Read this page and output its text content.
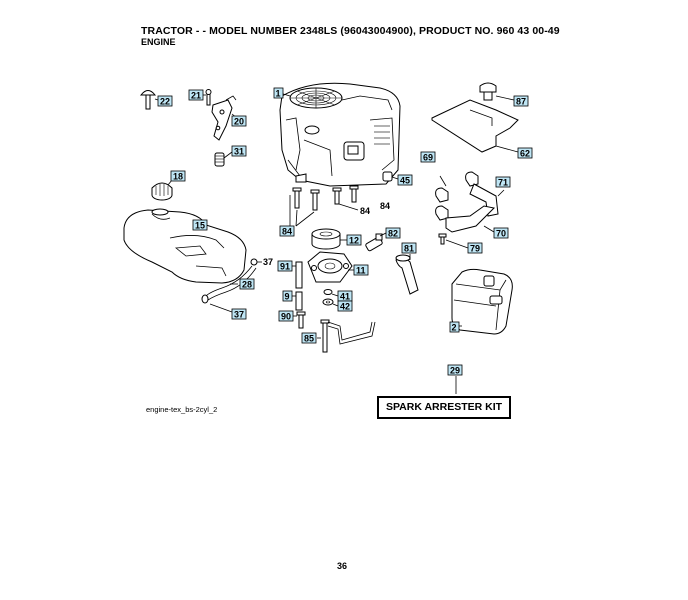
TRACTOR - - MODEL NUMBER 2348LS (96043004900), PRODUCT NO. 960 43 00-49
ENGINE
1
22
21
20
31
18
15
37
28
37
45
84 84
84
12
82
81
91	11
9	41
42
90
85
87
62
69
71
70
79
2
29
SPARK ARRESTER KIT
engine-tex_bs-2cyl_2
36
